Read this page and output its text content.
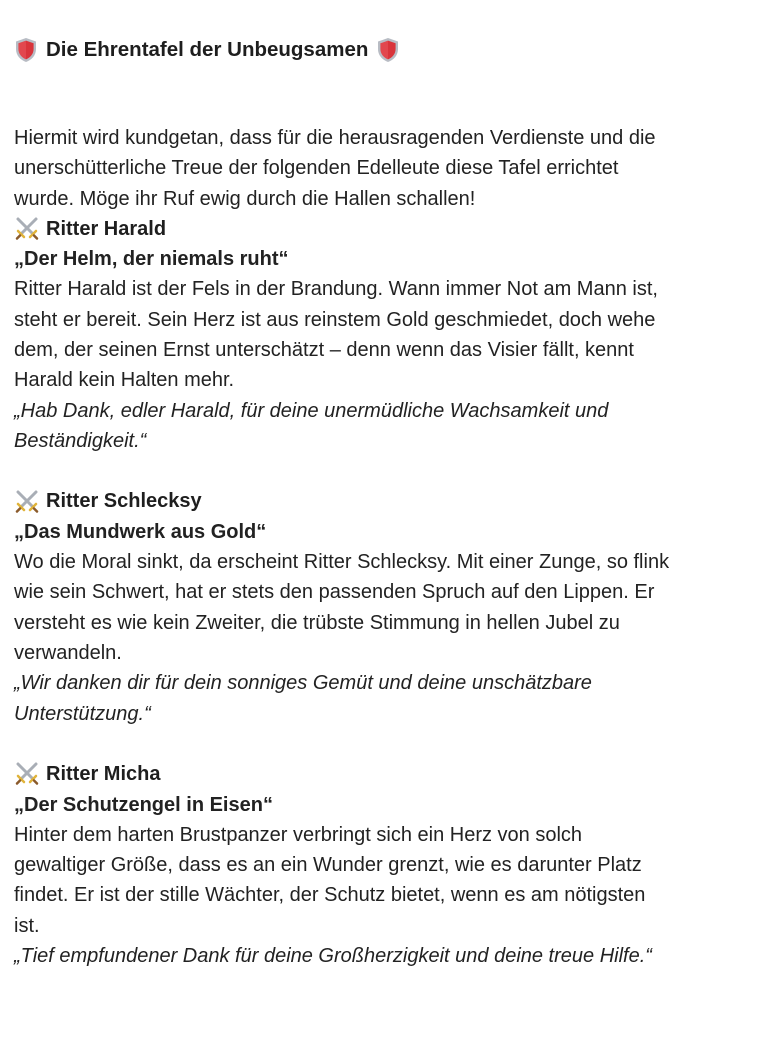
Die Ehrentafel der Unbeugsamen
Hiermit wird kundgetan, dass für die herausragenden Verdienste und die
unerschütterliche Treue der folgenden Edelleute diese Tafel errichtet
wurde. Möge ihr Ruf ewig durch die Hallen schallen!
Ritter Harald
„Der Helm, der niemals ruht“
Ritter Harald ist der Fels in der Brandung. Wann immer Not am Mann ist,
steht er bereit. Sein Herz ist aus reinstem Gold geschmiedet, doch wehe
dem, der seinen Ernst unterschätzt – denn wenn das Visier fällt, kennt
Harald kein Halten mehr.
„Hab Dank, edler Harald, für deine unermüdliche Wachsamkeit und
Beständigkeit.“
Ritter Schlecksy
„Das Mundwerk aus Gold“
Wo die Moral sinkt, da erscheint Ritter Schlecksy. Mit einer Zunge, so flink
wie sein Schwert, hat er stets den passenden Spruch auf den Lippen. Er
versteht es wie kein Zweiter, die trübste Stimmung in hellen Jubel zu
verwandeln.
„Wir danken dir für dein sonniges Gemüt und deine unschätzbare
Unterstützung.“
Ritter Micha
„Der Schutzengel in Eisen“
Hinter dem harten Brustpanzer verbringt sich ein Herz von solch
gewaltiger Größe, dass es an ein Wunder grenzt, wie es darunter Platz
findet. Er ist der stille Wächter, der Schutz bietet, wenn es am nötigsten
ist.
„Tief empfundener Dank für deine Großherzigkeit und deine treue Hilfe.“
